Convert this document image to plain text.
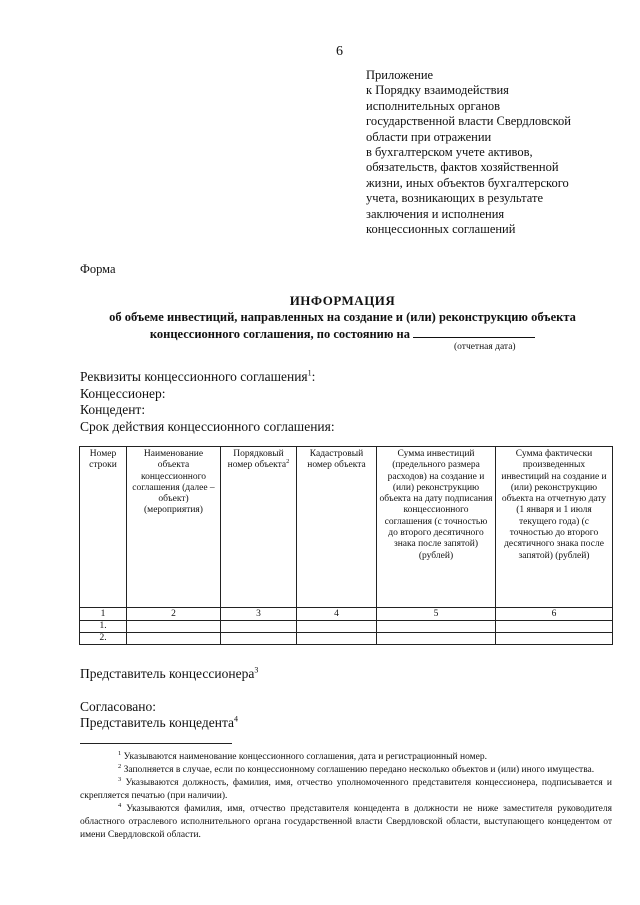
6
Приложение
к Порядку взаимодействия
исполнительных органов
государственной власти Свердловской
области при отражении
в бухгалтерском учете активов,
обязательств, фактов хозяйственной
жизни, иных объектов бухгалтерского
учета, возникающих в результате
заключения и исполнения
концессионных соглашений
Форма
ИНФОРМАЦИЯ
об объеме инвестиций, направленных на создание и (или) реконструкцию объекта
концессионного соглашения, по состоянию на
(отчетная дата)
Реквизиты концессионного соглашения$^1$:
Концессионер:
Концедент:
Срок действия концессионного соглашения:
Номер строки	Наименование объекта концессионного соглашения (далее – объект) (мероприятия)	Порядковый номер объекта$^2$	Кадастровый номер объекта	Сумма инвестиций (предельного размера расходов) на создание и (или) реконструкцию объекта на дату подписания концессионного соглашения (с точностью до второго десятичного знака после запятой) (рублей)	Сумма фактически произведенных инвестиций на создание и (или) реконструкцию объекта на отчетную дату (1 января и 1 июля текущего года) (с точностью до второго десятичного знака после запятой) (рублей)
1	2	3	4	5	6
1.					
2.					
Представитель концессионера$^3$
Согласовано:
Представитель концедента$^4$

$^1$ Указываются наименование концессионного соглашения, дата и регистрационный номер.

$^2$ Заполняется в случае, если по концессионному соглашению передано несколько объектов и (или) иного имущества.

$^3$ Указываются должность, фамилия, имя, отчество уполномоченного представителя концессионера, подписывается и скрепляется печатью (при наличии).

$^4$ Указываются фамилия, имя, отчество представителя концедента в должности не ниже заместителя руководителя областного отраслевого исполнительного органа государственной власти Свердловской области, выступающего концедентом от имени Свердловской области.
